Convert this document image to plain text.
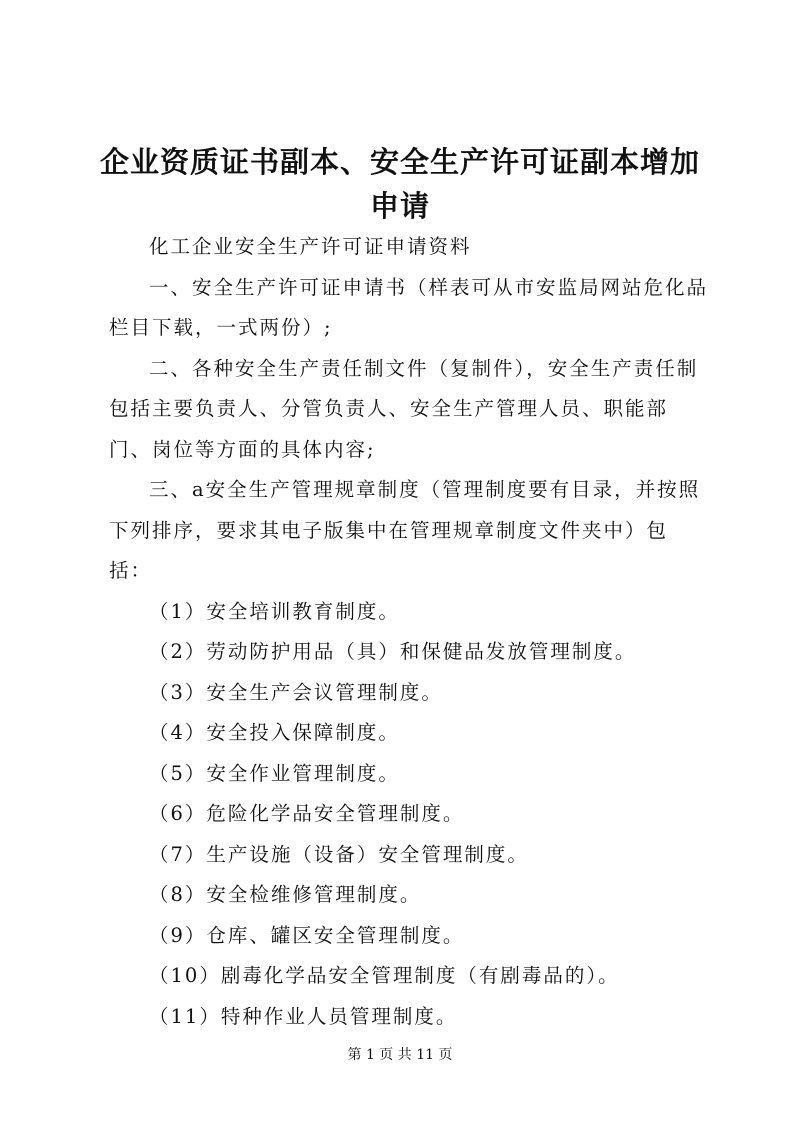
企业资质证书副本、安全生产许可证副本增加申请

化工企业安全生产许可证申请资料

一、安全生产许可证申请书（样表可从市安监局网站危化品栏目下载，一式两份）;

二、各种安全生产责任制文件（复制件），安全生产责任制包括主要负责人、分管负责人、安全生产管理人员、职能部门、岗位等方面的具体内容;

三、a安全生产管理规章制度（管理制度要有目录，并按照下列排序，要求其电子版集中在管理规章制度文件夹中）包括：

（1）安全培训教育制度。

（2）劳动防护用品（具）和保健品发放管理制度。

（3）安全生产会议管理制度。

（4）安全投入保障制度。

（5）安全作业管理制度。

（6）危险化学品安全管理制度。

（7）生产设施（设备）安全管理制度。

（8）安全检维修管理制度。

（9）仓库、罐区安全管理制度。

（10）剧毒化学品安全管理制度（有剧毒品的）。

（11）特种作业人员管理制度。

第 1 页 共 11 页
